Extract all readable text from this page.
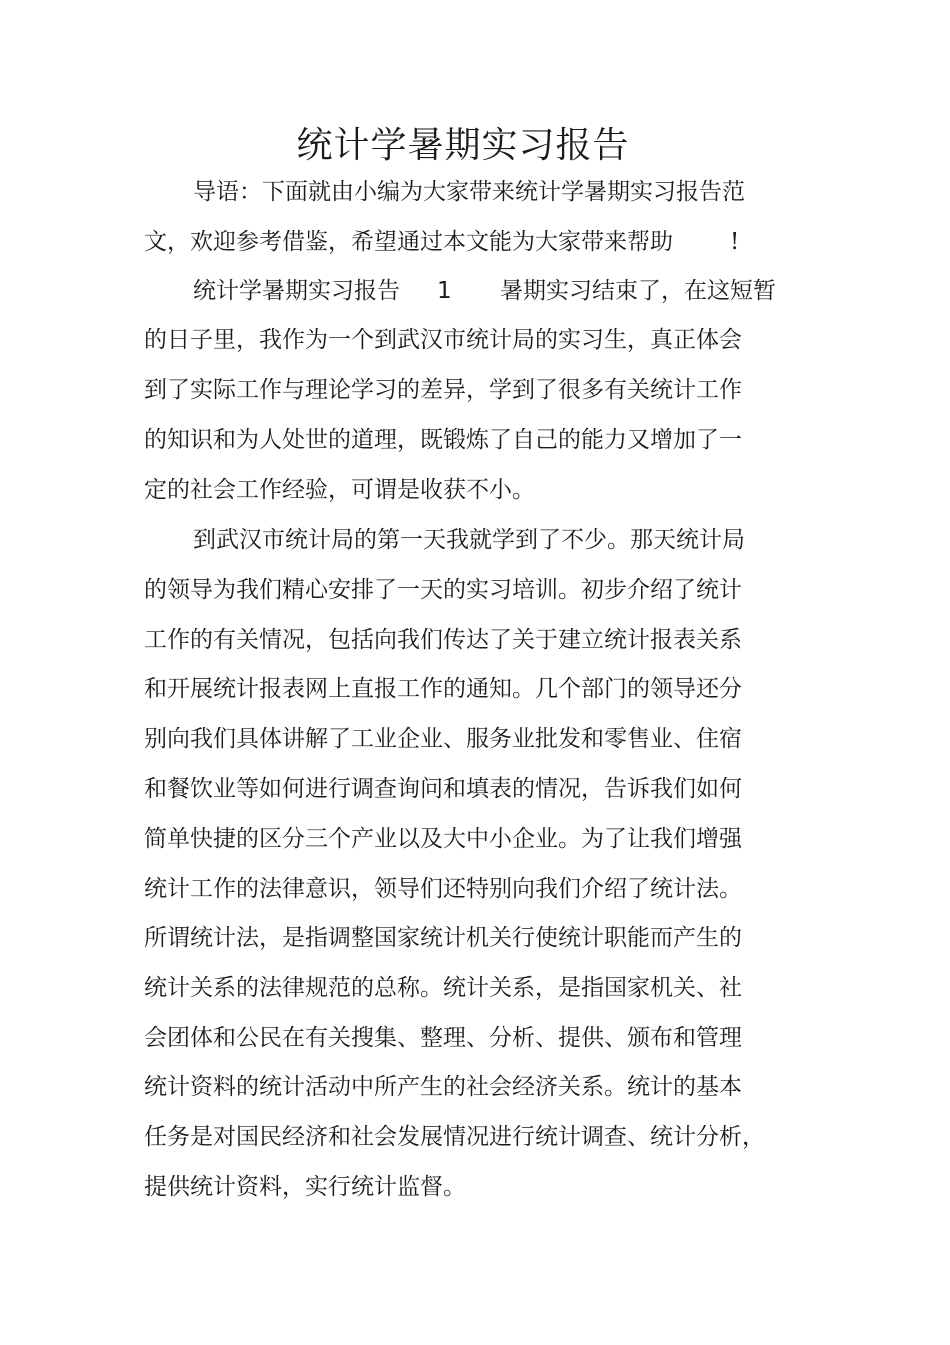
统计学暑期实习报告
导语：下面就由小编为大家带来统计学暑期实习报告范
文，欢迎参考借鉴，希望通过本文能为大家带来帮助 !
统计学暑期实习报告 1 暑期实习结束了，在这短暂
的日子里，我作为一个到武汉市统计局的实习生，真正体会
到了实际工作与理论学习的差异，学到了很多有关统计工作
的知识和为人处世的道理，既锻炼了自己的能力又增加了一
定的社会工作经验，可谓是收获不小。
到武汉市统计局的第一天我就学到了不少。那天统计局
的领导为我们精心安排了一天的实习培训。初步介绍了统计
工作的有关情况，包括向我们传达了关于建立统计报表关系
和开展统计报表网上直报工作的通知。几个部门的领导还分
别向我们具体讲解了工业企业、服务业批发和零售业、住宿
和餐饮业等如何进行调查询问和填表的情况，告诉我们如何
简单快捷的区分三个产业以及大中小企业。为了让我们增强
统计工作的法律意识，领导们还特别向我们介绍了统计法。
所谓统计法，是指调整国家统计机关行使统计职能而产生的
统计关系的法律规范的总称。统计关系，是指国家机关、社
会团体和公民在有关搜集、整理、分析、提供、颁布和管理
统计资料的统计活动中所产生的社会经济关系。统计的基本
任务是对国民经济和社会发展情况进行统计调查、统计分析，
提供统计资料，实行统计监督。
